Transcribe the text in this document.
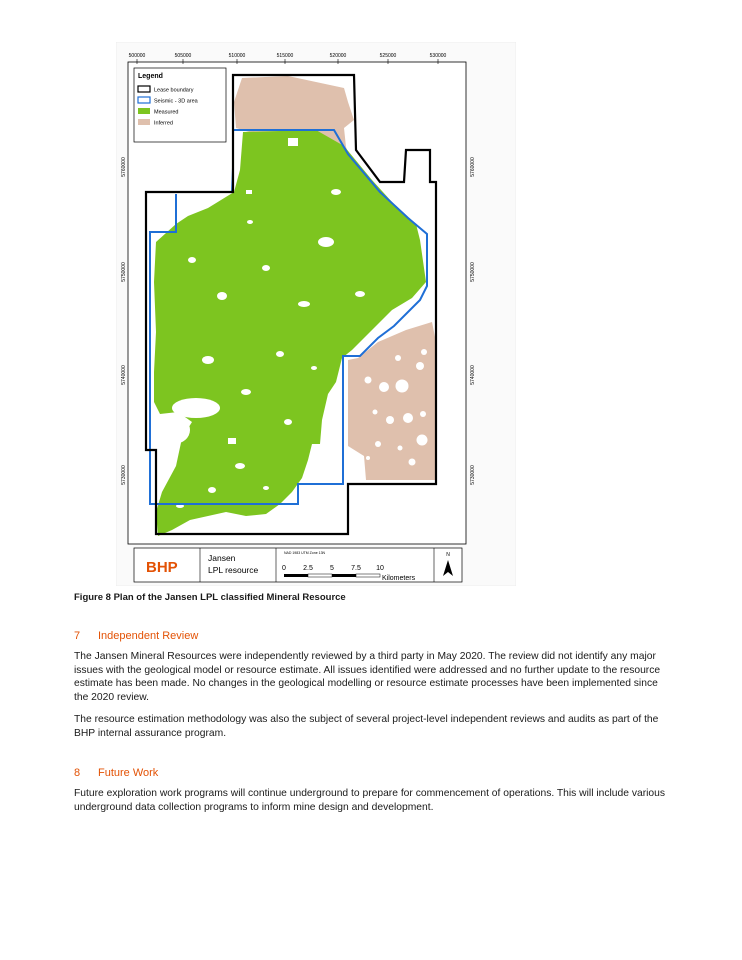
500000	505000	510000	515000	520000	525000	530000
5760000
5750000
5740000
5730000
5760000
5750000
5740000
5730000
Legend
Lease boundary
Seismic - 3D area
Measured
Inferred
BHP
Jansen
LPL resource
NAD 1983 UTM Zone 13N
0 2.5 5 7.5 10
Kilometers
N
Figure 8 Plan of the Jansen LPL classified Mineral Resource
7 Independent Review

The Jansen Mineral Resources were independently reviewed by a third party in May 2020. The review did not identify any major issues with the geological model or resource estimate. All issues identified were addressed and no further update to the resource estimate has been made. No changes in the geological modelling or resource estimate processes have been implemented since the 2020 review.

The resource estimation methodology was also the subject of several project-level independent reviews and audits as part of the BHP internal assurance program.

8 Future Work

Future exploration work programs will continue underground to prepare for commencement of operations. This will include various underground data collection programs to inform mine design and development.
